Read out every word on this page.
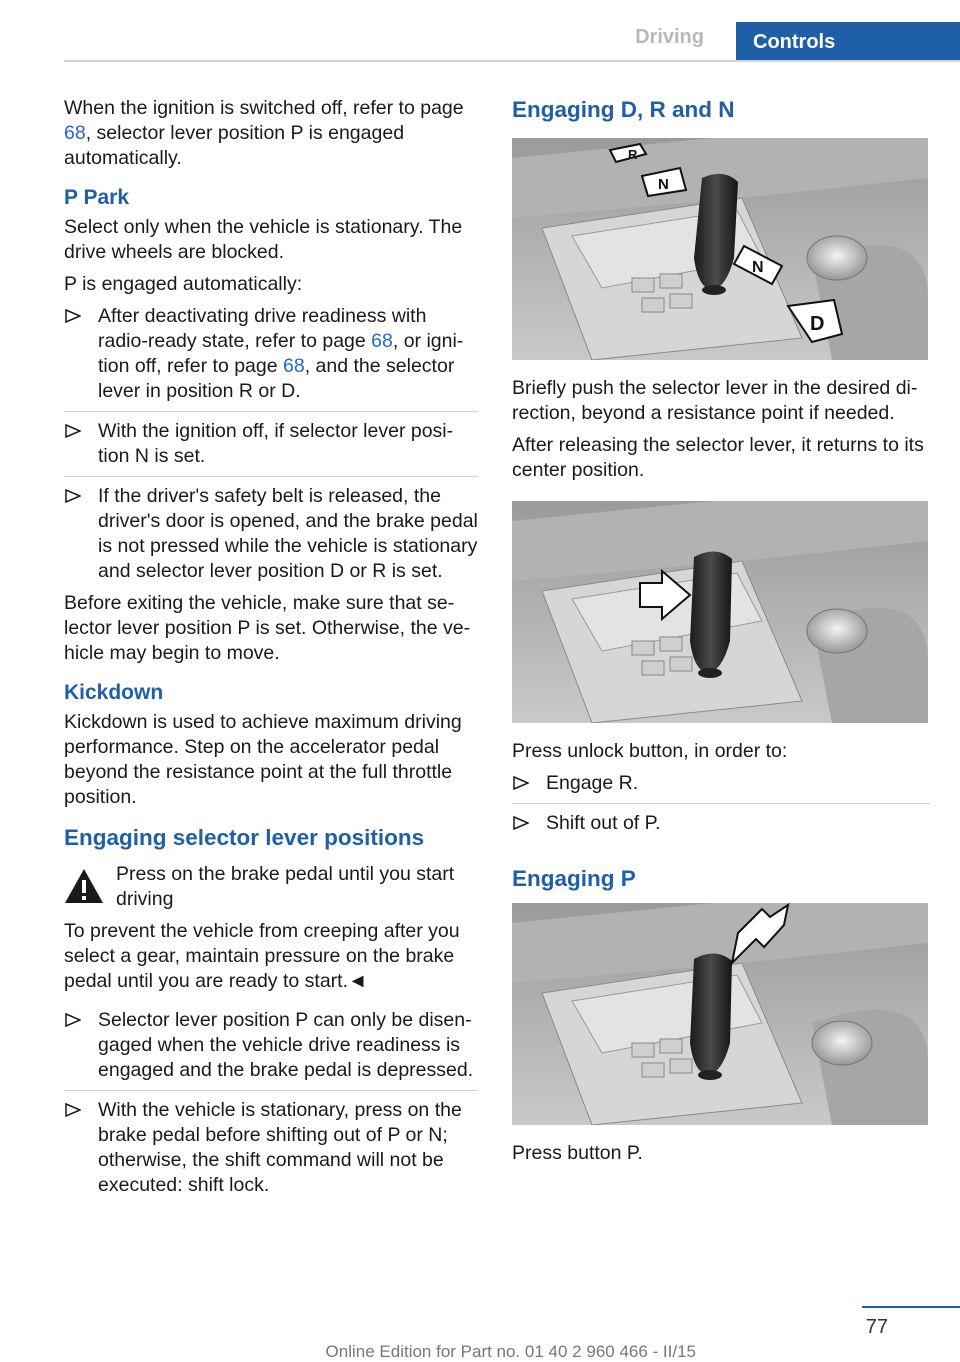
Driving	Controls

When the ignition is switched off, refer to page 68, selector lever position P is engaged automatically.

P Park

Select only when the vehicle is stationary. The drive wheels are blocked.

P is engaged automatically:

After deactivating drive readiness with radio-ready state, refer to page 68, or igni-tion off, refer to page 68, and the selector lever in position R or D.
With the ignition off, if selector lever posi-tion N is set.
If the driver's safety belt is released, the driver's door is opened, and the brake pedal is not pressed while the vehicle is stationary and selector lever position D or R is set.

Before exiting the vehicle, make sure that se-lector lever position P is set. Otherwise, the ve-hicle may begin to move.

Kickdown

Kickdown is used to achieve maximum driving performance. Step on the accelerator pedal beyond the resistance point at the full throttle position.

Engaging selector lever positions
Press on the brake pedal until you start driving

To prevent the vehicle from creeping after you select a gear, maintain pressure on the brake pedal until you are ready to start.◄

Selector lever position P can only be disen-gaged when the vehicle drive readiness is engaged and the brake pedal is depressed.
With the vehicle is stationary, press on the brake pedal before shifting out of P or N; otherwise, the shift command will not be executed: shift lock.
Engaging D, R and N
R
N
N
D

Briefly push the selector lever in the desired di-rection, beyond a resistance point if needed.

After releasing the selector lever, it returns to its center position.

Press unlock button, in order to:

Engage R.
Shift out of P.
Engaging P

Press button P.

77
Online Edition for Part no. 01 40 2 960 466 - II/15
